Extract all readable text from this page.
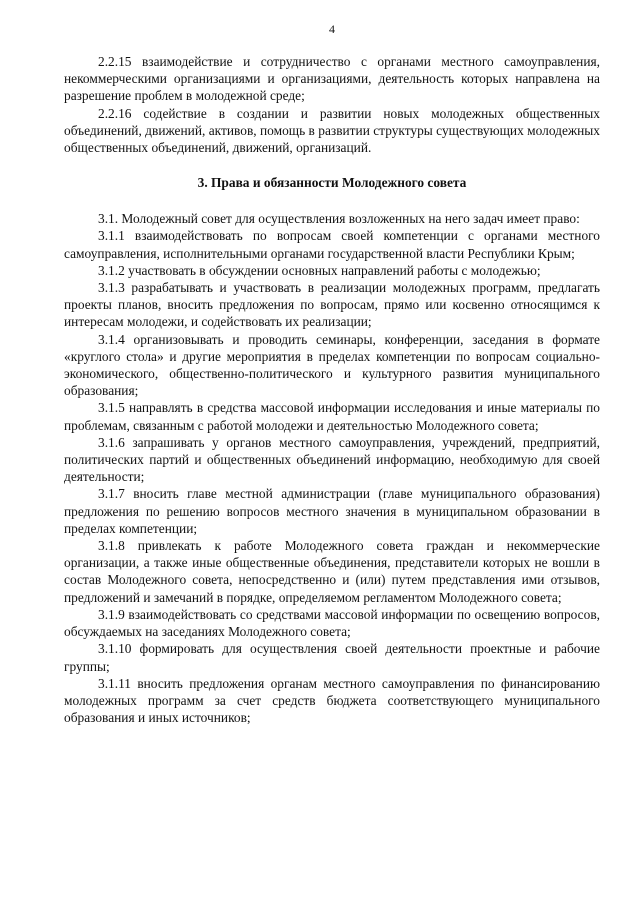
4

2.2.15 взаимодействие и сотрудничество с органами местного самоуправления, некоммерческими организациями и организациями, деятельность которых направлена на разрешение проблем в молодежной среде;

2.2.16 содействие в создании и развитии новых молодежных общественных объединений, движений, активов, помощь в развитии структуры существующих молодежных общественных объединений, движений, организаций.

3. Права и обязанности Молодежного совета

3.1. Молодежный совет для осуществления возложенных на него задач имеет право:

3.1.1 взаимодействовать по вопросам своей компетенции с органами местного самоуправления, исполнительными органами государственной власти Республики Крым;

3.1.2 участвовать в обсуждении основных направлений работы с молодежью;

3.1.3 разрабатывать и участвовать в реализации молодежных программ, предлагать проекты планов, вносить предложения по вопросам, прямо или косвенно относящимся к интересам молодежи, и содействовать их реализации;

3.1.4 организовывать и проводить семинары, конференции, заседания в формате «круглого стола» и другие мероприятия в пределах компетенции по вопросам социально-экономического, общественно-политического и культурного развития муниципального образования;

3.1.5 направлять в средства массовой информации исследования и иные материалы по проблемам, связанным с работой молодежи и деятельностью Молодежного совета;

3.1.6 запрашивать у органов местного самоуправления, учреждений, предприятий, политических партий и общественных объединений информацию, необходимую для своей деятельности;

3.1.7 вносить главе местной администрации (главе муниципального образования) предложения по решению вопросов местного значения в муниципальном образовании в пределах компетенции;

3.1.8 привлекать к работе Молодежного совета граждан и некоммерческие организации, а также иные общественные объединения, представители которых не вошли в состав Молодежного совета, непосредственно и (или) путем представления ими отзывов, предложений и замечаний в порядке, определяемом регламентом Молодежного совета;

3.1.9 взаимодействовать со средствами массовой информации по освещению вопросов, обсуждаемых на заседаниях Молодежного совета;

3.1.10 формировать для осуществления своей деятельности проектные и рабочие группы;

3.1.11 вносить предложения органам местного самоуправления по финансированию молодежных программ за счет средств бюджета соответствующего муниципального образования и иных источников;
